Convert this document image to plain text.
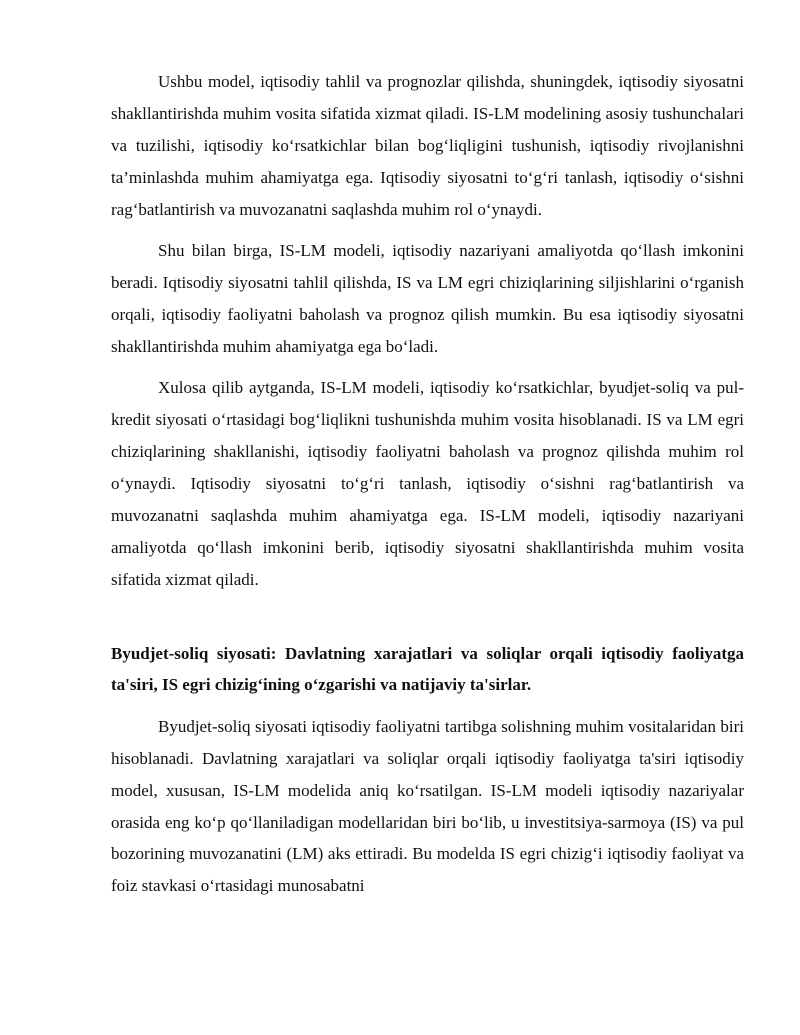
Ushbu model, iqtisodiy tahlil va prognozlar qilishda, shuningdek, iqtisodiy siyosatni shakllantirishda muhim vosita sifatida xizmat qiladi. IS-LM modelining asosiy tushunchalari va tuzilishi, iqtisodiy ko‘rsatkichlar bilan bog‘liqligini tushunish, iqtisodiy rivojlanishni ta’minlashda muhim ahamiyatga ega. Iqtisodiy siyosatni to‘g‘ri tanlash, iqtisodiy o‘sishni rag‘batlantirish va muvozanatni saqlashda muhim rol o‘ynaydi.

Shu bilan birga, IS-LM modeli, iqtisodiy nazariyani amaliyotda qo‘llash imkonini beradi. Iqtisodiy siyosatni tahlil qilishda, IS va LM egri chiziqlarining siljishlarini o‘rganish orqali, iqtisodiy faoliyatni baholash va prognoz qilish mumkin. Bu esa iqtisodiy siyosatni shakllantirishda muhim ahamiyatga ega bo‘ladi.

Xulosa qilib aytganda, IS-LM modeli, iqtisodiy ko‘rsatkichlar, byudjet-soliq va pul-kredit siyosati o‘rtasidagi bog‘liqlikni tushunishda muhim vosita hisoblanadi. IS va LM egri chiziqlarining shakllanishi, iqtisodiy faoliyatni baholash va prognoz qilishda muhim rol o‘ynaydi. Iqtisodiy siyosatni to‘g‘ri tanlash, iqtisodiy o‘sishni rag‘batlantirish va muvozanatni saqlashda muhim ahamiyatga ega. IS-LM modeli, iqtisodiy nazariyani amaliyotda qo‘llash imkonini berib, iqtisodiy siyosatni shakllantirishda muhim vosita sifatida xizmat qiladi.

Byudjet-soliq siyosati: Davlatning xarajatlari va soliqlar orqali iqtisodiy faoliyatga ta'siri, IS egri chizig‘ining o‘zgarishi va natijaviy ta'sirlar.

Byudjet-soliq siyosati iqtisodiy faoliyatni tartibga solishning muhim vositalaridan biri hisoblanadi. Davlatning xarajatlari va soliqlar orqali iqtisodiy faoliyatga ta'siri iqtisodiy model, xususan, IS-LM modelida aniq ko‘rsatilgan. IS-LM modeli iqtisodiy nazariyalar orasida eng ko‘p qo‘llaniladigan modellaridan biri bo‘lib, u investitsiya-sarmoya (IS) va pul bozorining muvozanatini (LM) aks ettiradi. Bu modelda IS egri chizig‘i iqtisodiy faoliyat va foiz stavkasi o‘rtasidagi munosabatni
